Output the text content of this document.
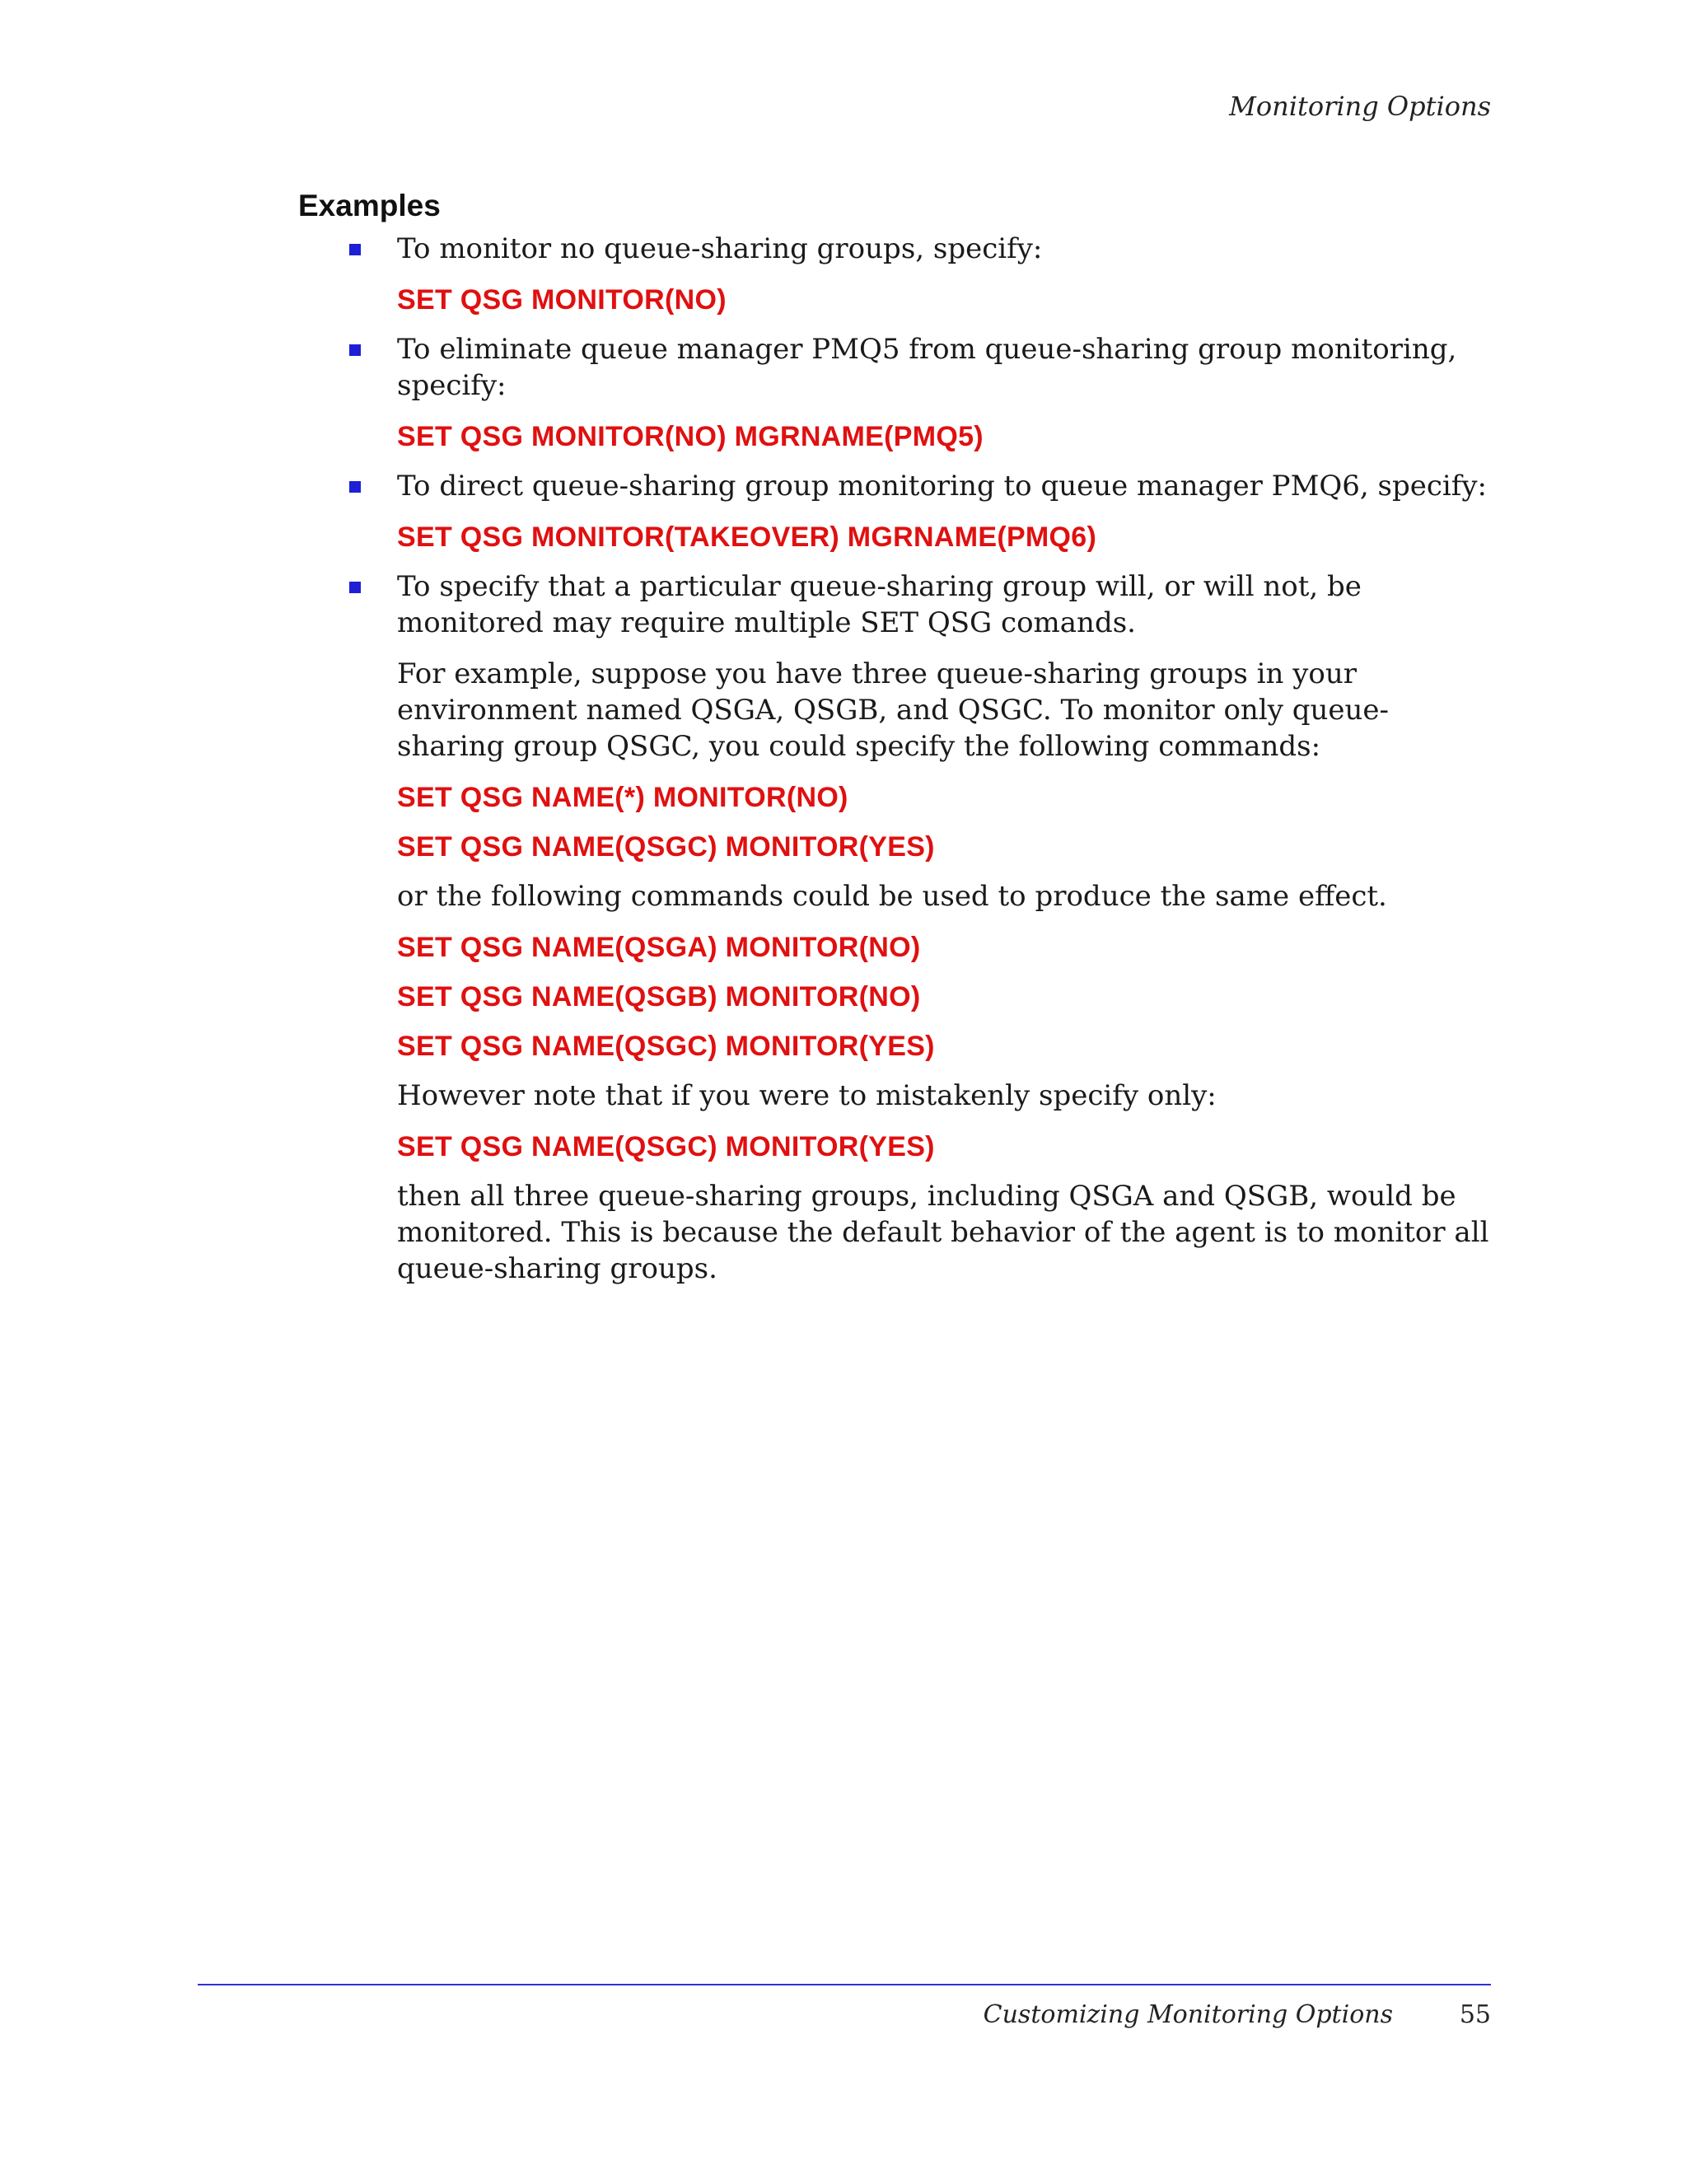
Monitoring Options
Examples

To monitor no queue-sharing groups, specify:

SET QSG MONITOR(NO)

To eliminate queue manager PMQ5 from queue-sharing group monitoring, specify:

SET QSG MONITOR(NO) MGRNAME(PMQ5)

To direct queue-sharing group monitoring to queue manager PMQ6, specify:

SET QSG MONITOR(TAKEOVER) MGRNAME(PMQ6)

To specify that a particular queue-sharing group will, or will not, be monitored may require multiple SET QSG comands.

For example, suppose you have three queue-sharing groups in your environment named QSGA, QSGB, and QSGC. To monitor only queue-sharing group QSGC, you could specify the following commands:

SET QSG NAME(*) MONITOR(NO)
SET QSG NAME(QSGC) MONITOR(YES)

or the following commands could be used to produce the same effect.

SET QSG NAME(QSGA) MONITOR(NO)
SET QSG NAME(QSGB) MONITOR(NO)
SET QSG NAME(QSGC) MONITOR(YES)

However note that if you were to mistakenly specify only:

SET QSG NAME(QSGC) MONITOR(YES)

then all three queue-sharing groups, including QSGA and QSGB, would be monitored. This is because the default behavior of the agent is to monitor all queue-sharing groups.

Customizing Monitoring Options	55
